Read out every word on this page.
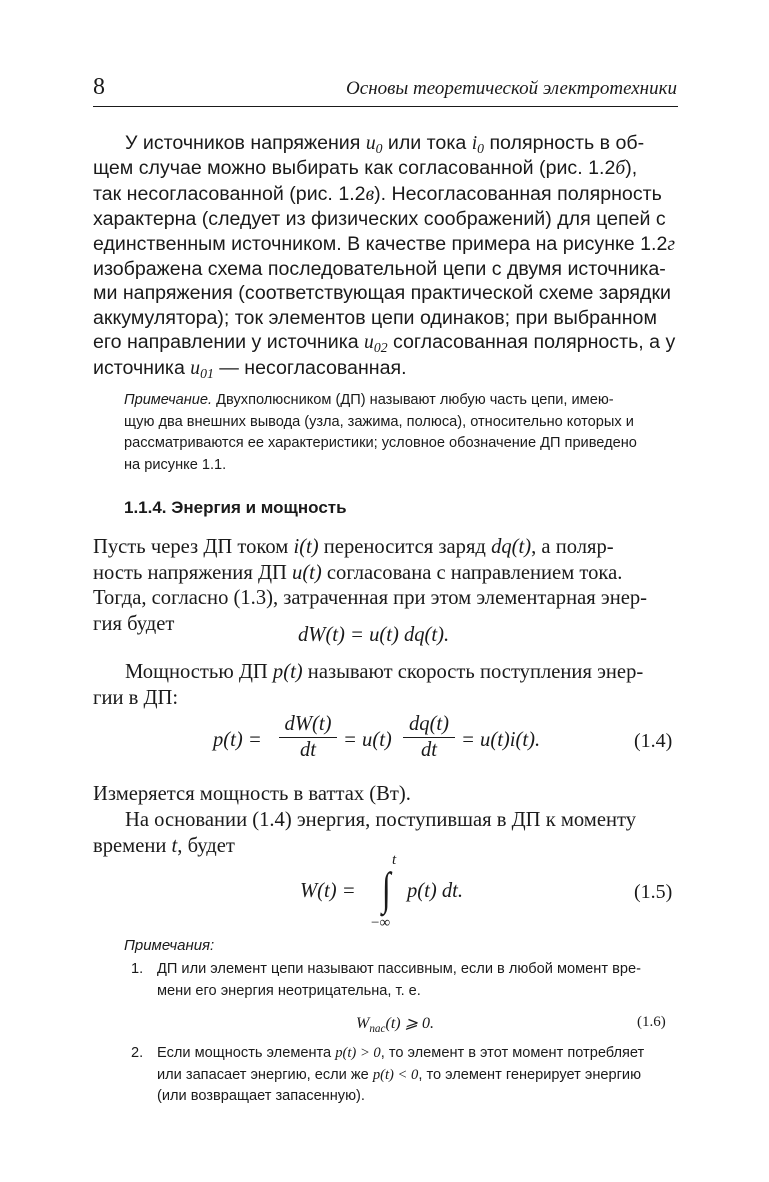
8	Основы теоретической электротехники
У источников напряжения $u_0$ или тока $i_0$ полярность в об-
щем случае можно выбирать как согласованной (рис. 1.2б),
так несогласованной (рис. 1.2в). Несогласованная полярность
характерна (следует из физических соображений) для цепей с
единственным источником. В качестве примера на рисунке 1.2г
изображена схема последовательной цепи с двумя источника-
ми напряжения (соответствующая практической схеме зарядки
аккумулятора); ток элементов цепи одинаков; при выбранном
его направлении у источника $u_{02}$ согласованная полярность, а у
источника $u_{01}$ — несогласованная.
Примечание. Двухполюсником (ДП) называют любую часть цепи, имею-
щую два внешних вывода (узла, зажима, полюса), относительно которых и
рассматриваются ее характеристики; условное обозначение ДП приведено
на рисунке 1.1.
1.1.4. Энергия и мощность
Пусть через ДП током i(t) переносится заряд dq(t), а поляр-
ность напряжения ДП u(t) согласована с направлением тока.
Тогда, согласно (1.3), затраченная при этом элементарная энер-
гия будет
dW(t) = u(t) dq(t).
Мощностью ДП p(t) называют скорость поступления энер-
гии в ДП:
p(t) =
dW(t)
dt	= u(t)
dq(t)
dt	= u(t)i(t).	(1.4)
Измеряется мощность в ваттах (Вт).
На основании (1.4) энергия, поступившая в ДП к моменту
времени t, будет
W(t) =
t
∫
−∞
p(t) dt.	(1.5)
Примечания:
1. ДП или элемент цепи называют пассивным, если в любой момент вре-
мени его энергия неотрицательна, т. е.
$W_{пас}(t)$ ⩾ 0.	(1.6)
2. Если мощность элемента p(t) > 0, то элемент в этот момент потребляет
или запасает энергию, если же p(t) < 0, то элемент генерирует энергию
(или возвращает запасенную).
